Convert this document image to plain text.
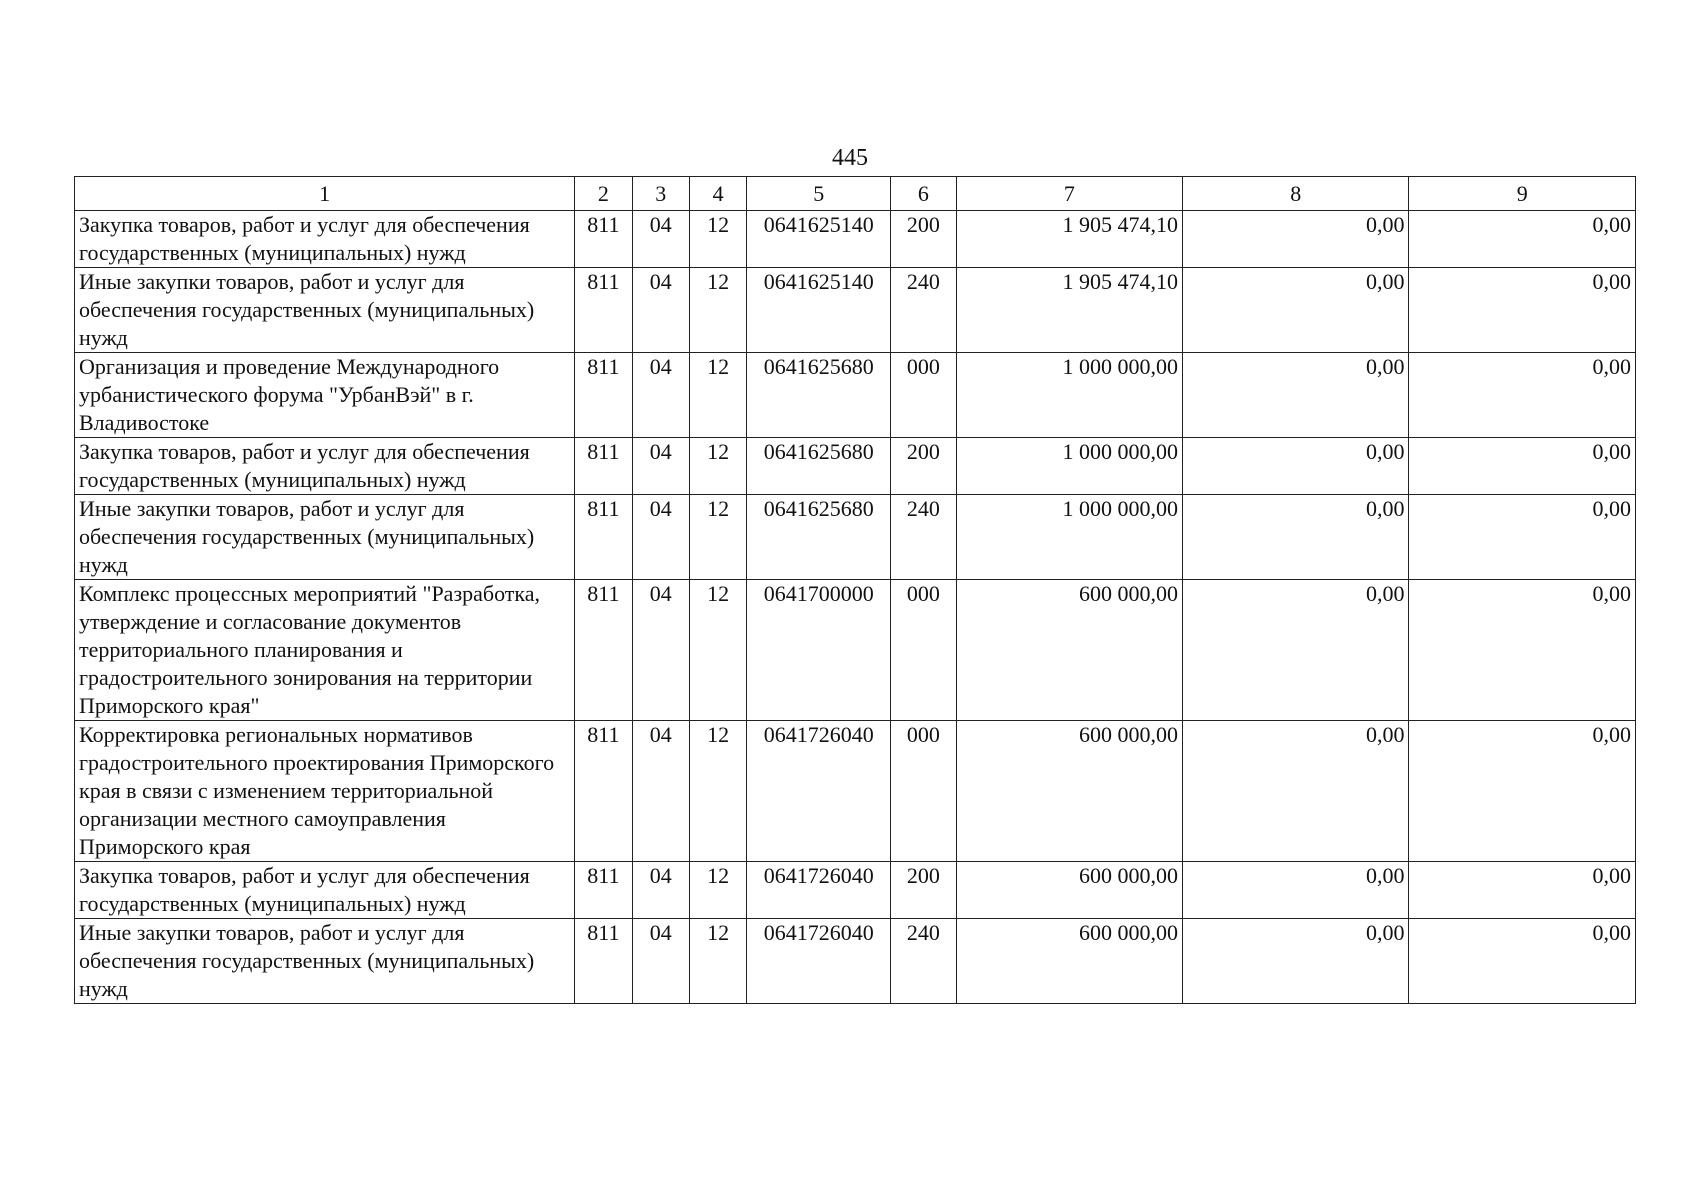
445
1	2	3	4	5	6	7	8	9
Закупка товаров, работ и услуг для обеспечения государственных (муниципальных) нужд	811	04	12	0641625140	200	1 905 474,10	0,00	0,00
Иные закупки товаров, работ и услуг для обеспечения государственных (муниципальных) нужд	811	04	12	0641625140	240	1 905 474,10	0,00	0,00
Организация и проведение Международного урбанистического форума "УрбанВэй" в г. Владивостоке	811	04	12	0641625680	000	1 000 000,00	0,00	0,00
Закупка товаров, работ и услуг для обеспечения государственных (муниципальных) нужд	811	04	12	0641625680	200	1 000 000,00	0,00	0,00
Иные закупки товаров, работ и услуг для обеспечения государственных (муниципальных) нужд	811	04	12	0641625680	240	1 000 000,00	0,00	0,00
Комплекс процессных мероприятий "Разработка, утверждение и согласование документов территориального планирования и градостроительного зонирования на территории Приморского края"	811	04	12	0641700000	000	600 000,00	0,00	0,00
Корректировка региональных нормативов градостроительного проектирования Приморского края в связи с изменением территориальной организации местного самоуправления Приморского края	811	04	12	0641726040	000	600 000,00	0,00	0,00
Закупка товаров, работ и услуг для обеспечения государственных (муниципальных) нужд	811	04	12	0641726040	200	600 000,00	0,00	0,00
Иные закупки товаров, работ и услуг для обеспечения государственных (муниципальных) нужд	811	04	12	0641726040	240	600 000,00	0,00	0,00
